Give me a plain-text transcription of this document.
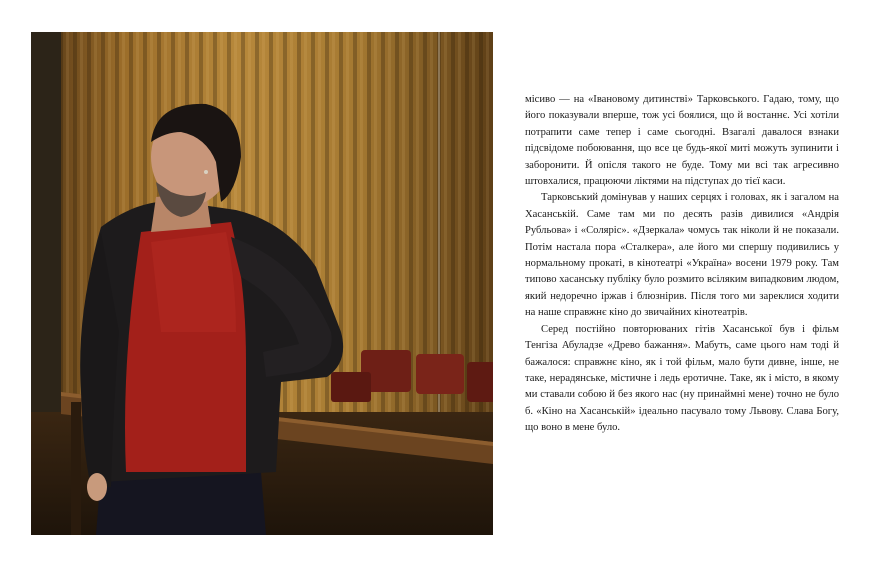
місиво — на «Івановому дитинстві» Тарковського. Гадаю, тому, що його показували вперше, тож усі боялися, що й востаннє. Усі хотіли потрапити саме тепер і саме сьогодні. Взагалі давалося взнаки підсвідоме побоювання, що все це будь-якої миті можуть зупинити і заборонити. Й опісля такого не буде. Тому ми всі так агресивно штовхалися, працюючи ліктями на підступах до тієї каси.

Тарковський домінував у наших серцях і головах, як і загалом на Хасанській. Саме там ми по десять разів дивилися «Андрія Рубльова» і «Соляріс». «Дзеркала» чомусь так ніколи й не показали. Потім настала пора «Сталкера», але його ми спершу подивились у нормальному прокаті, в кінотеатрі «Україна» восени 1979 року. Там типово хасанську публіку було розмито всіляким випадковим людом, який недоречно іржав і блюзнірив. Після того ми зареклися ходити на наше справжнє кіно до звичайних кінотеатрів.

Серед постійно повторюваних гітів Хасанської був і фільм Тенгіза Абуладзе «Древо бажання». Мабуть, саме цього нам тоді й бажалося: справжнє кіно, як і той фільм, мало бути дивне, інше, не таке, нерадянське, містичне і ледь еротичне. Таке, як і місто, в якому ми ставали собою й без якого нас (ну принаймні мене) точно не було б. «Кіно на Хасанській» ідеально пасувало тому Львову. Слава Богу, що воно в мене було.
